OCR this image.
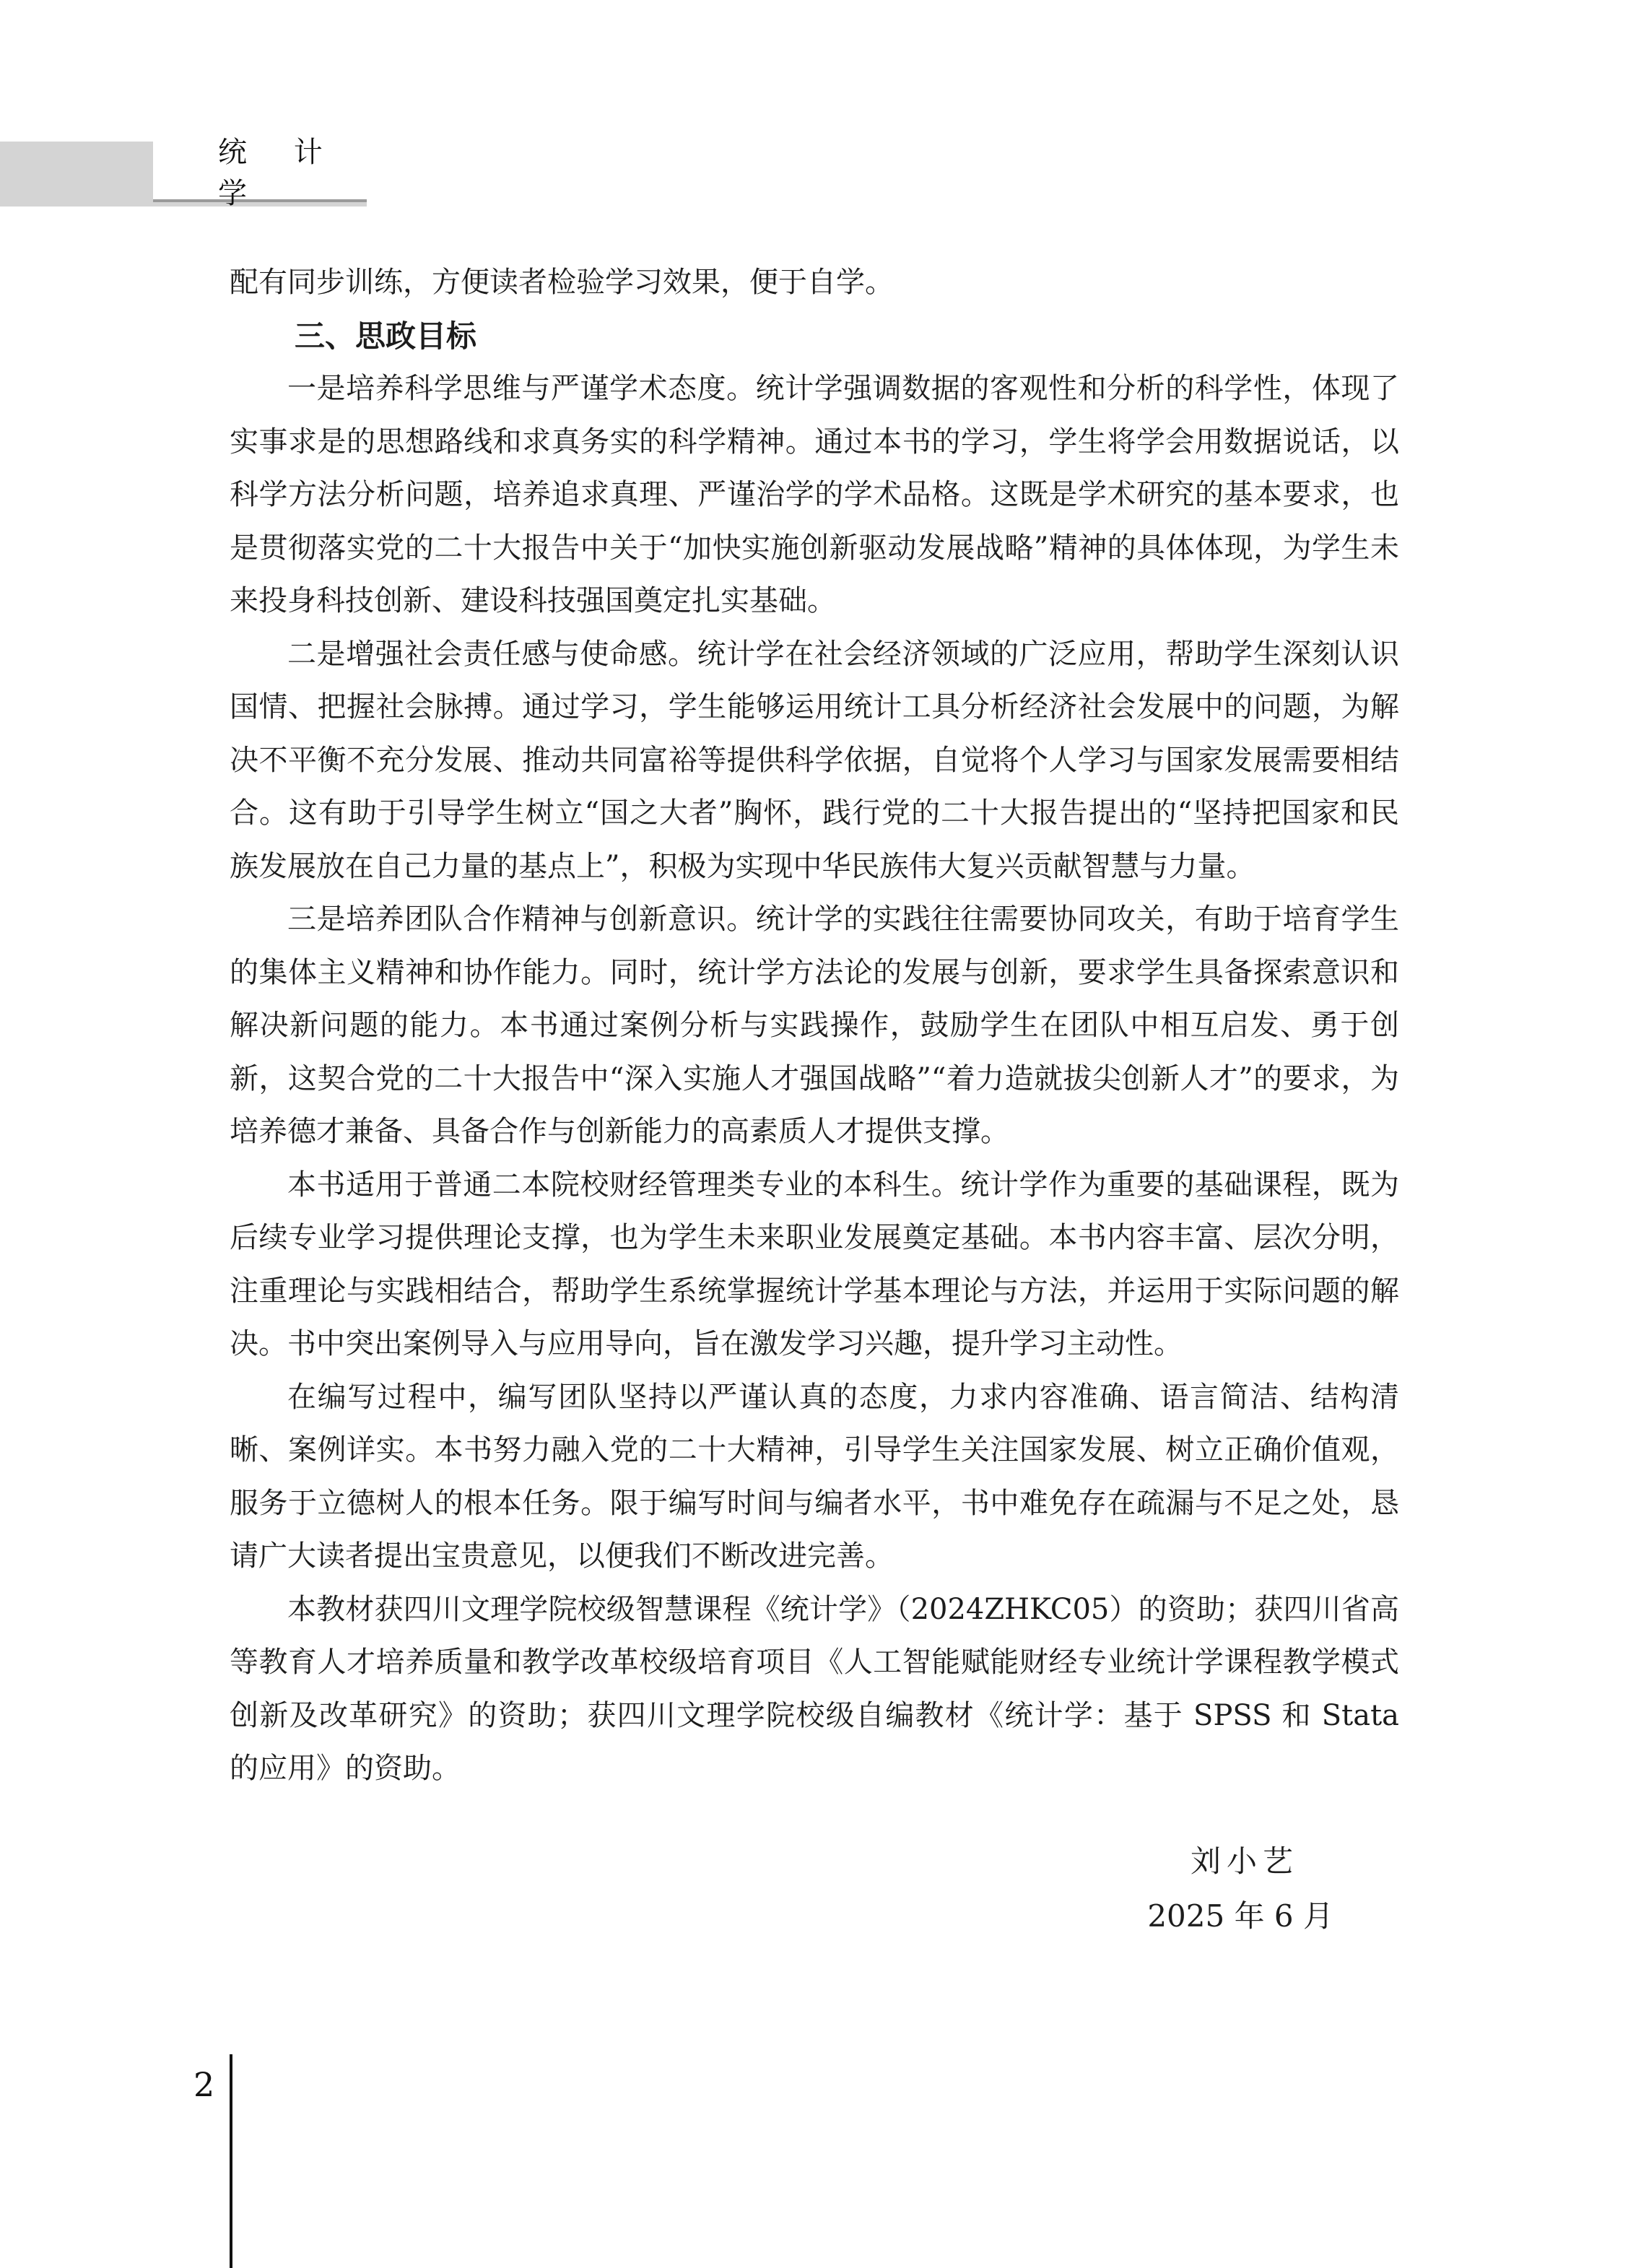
统 计 学

配有同步训练，方便读者检验学习效果，便于自学。

三、思政目标

一是培养科学思维与严谨学术态度。统计学强调数据的客观性和分析的科学性，体现了实事求是的思想路线和求真务实的科学精神。通过本书的学习，学生将学会用数据说话，以科学方法分析问题，培养追求真理、严谨治学的学术品格。这既是学术研究的基本要求，也是贯彻落实党的二十大报告中关于“加快实施创新驱动发展战略”精神的具体体现，为学生未来投身科技创新、建设科技强国奠定扎实基础。

二是增强社会责任感与使命感。统计学在社会经济领域的广泛应用，帮助学生深刻认识国情、把握社会脉搏。通过学习，学生能够运用统计工具分析经济社会发展中的问题，为解决不平衡不充分发展、推动共同富裕等提供科学依据，自觉将个人学习与国家发展需要相结合。这有助于引导学生树立“国之大者”胸怀，践行党的二十大报告提出的“坚持把国家和民族发展放在自己力量的基点上”，积极为实现中华民族伟大复兴贡献智慧与力量。

三是培养团队合作精神与创新意识。统计学的实践往往需要协同攻关，有助于培育学生的集体主义精神和协作能力。同时，统计学方法论的发展与创新，要求学生具备探索意识和解决新问题的能力。本书通过案例分析与实践操作，鼓励学生在团队中相互启发、勇于创新，这契合党的二十大报告中“深入实施人才强国战略”“着力造就拔尖创新人才”的要求，为培养德才兼备、具备合作与创新能力的高素质人才提供支撑。

本书适用于普通二本院校财经管理类专业的本科生。统计学作为重要的基础课程，既为后续专业学习提供理论支撑，也为学生未来职业发展奠定基础。本书内容丰富、层次分明，注重理论与实践相结合，帮助学生系统掌握统计学基本理论与方法，并运用于实际问题的解决。书中突出案例导入与应用导向，旨在激发学习兴趣，提升学习主动性。

在编写过程中，编写团队坚持以严谨认真的态度，力求内容准确、语言简洁、结构清晰、案例详实。本书努力融入党的二十大精神，引导学生关注国家发展、树立正确价值观，服务于立德树人的根本任务。限于编写时间与编者水平，书中难免存在疏漏与不足之处，恳请广大读者提出宝贵意见，以便我们不断改进完善。

本教材获四川文理学院校级智慧课程《统计学》（2024ZHKC05）的资助；获四川省高等教育人才培养质量和教学改革校级培育项目《人工智能赋能财经专业统计学课程教学模式创新及改革研究》的资助；获四川文理学院校级自编教材《统计学：基于 SPSS 和 Stata 的应用》的资助。

刘小艺
2025 年 6 月
2
